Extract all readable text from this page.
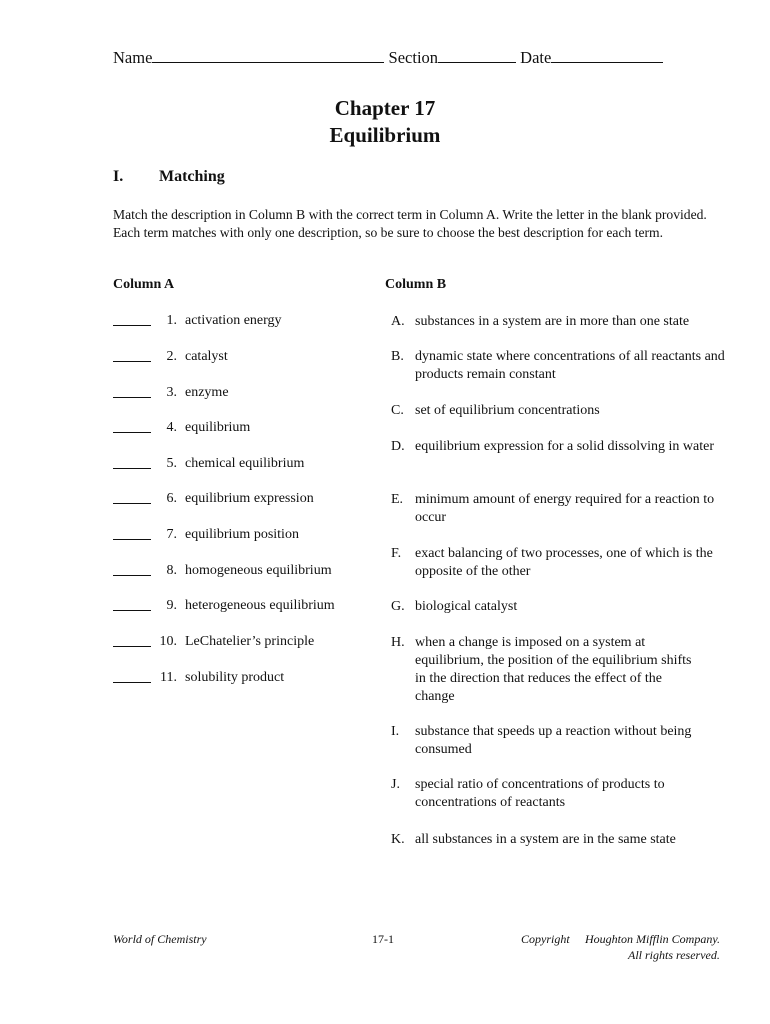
Name	Section	Date
Chapter 17
Equilibrium
I. Matching
Match the description in Column B with the correct term in Column A. Write the letter in the blank provided. Each term matches with only one description, so be sure to choose the best description for each term.
Column A	Column B
1. activation energy
2. catalyst
3. enzyme
4. equilibrium
5. chemical equilibrium
6. equilibrium expression
7. equilibrium position
8. homogeneous equilibrium
9. heterogeneous equilibrium
10. LeChatelier’s principle
11. solubility product
A. substances in a system are in more than one state
B. dynamic state where concentrations of all reactants and products remain constant
C. set of equilibrium concentrations
D. equilibrium expression for a solid dissolving in water
E. minimum amount of energy required for a reaction to occur
F. exact balancing of two processes, one of which is the opposite of the other
G. biological catalyst
H. when a change is imposed on a system at equilibrium, the position of the equilibrium shifts in the direction that reduces the effect of the change
I. substance that speeds up a reaction without being consumed
J. special ratio of concentrations of products to concentrations of reactants
K. all substances in a system are in the same state
World of Chemistry	17-1	Copyright Houghton Mifflin Company.
All rights reserved.
